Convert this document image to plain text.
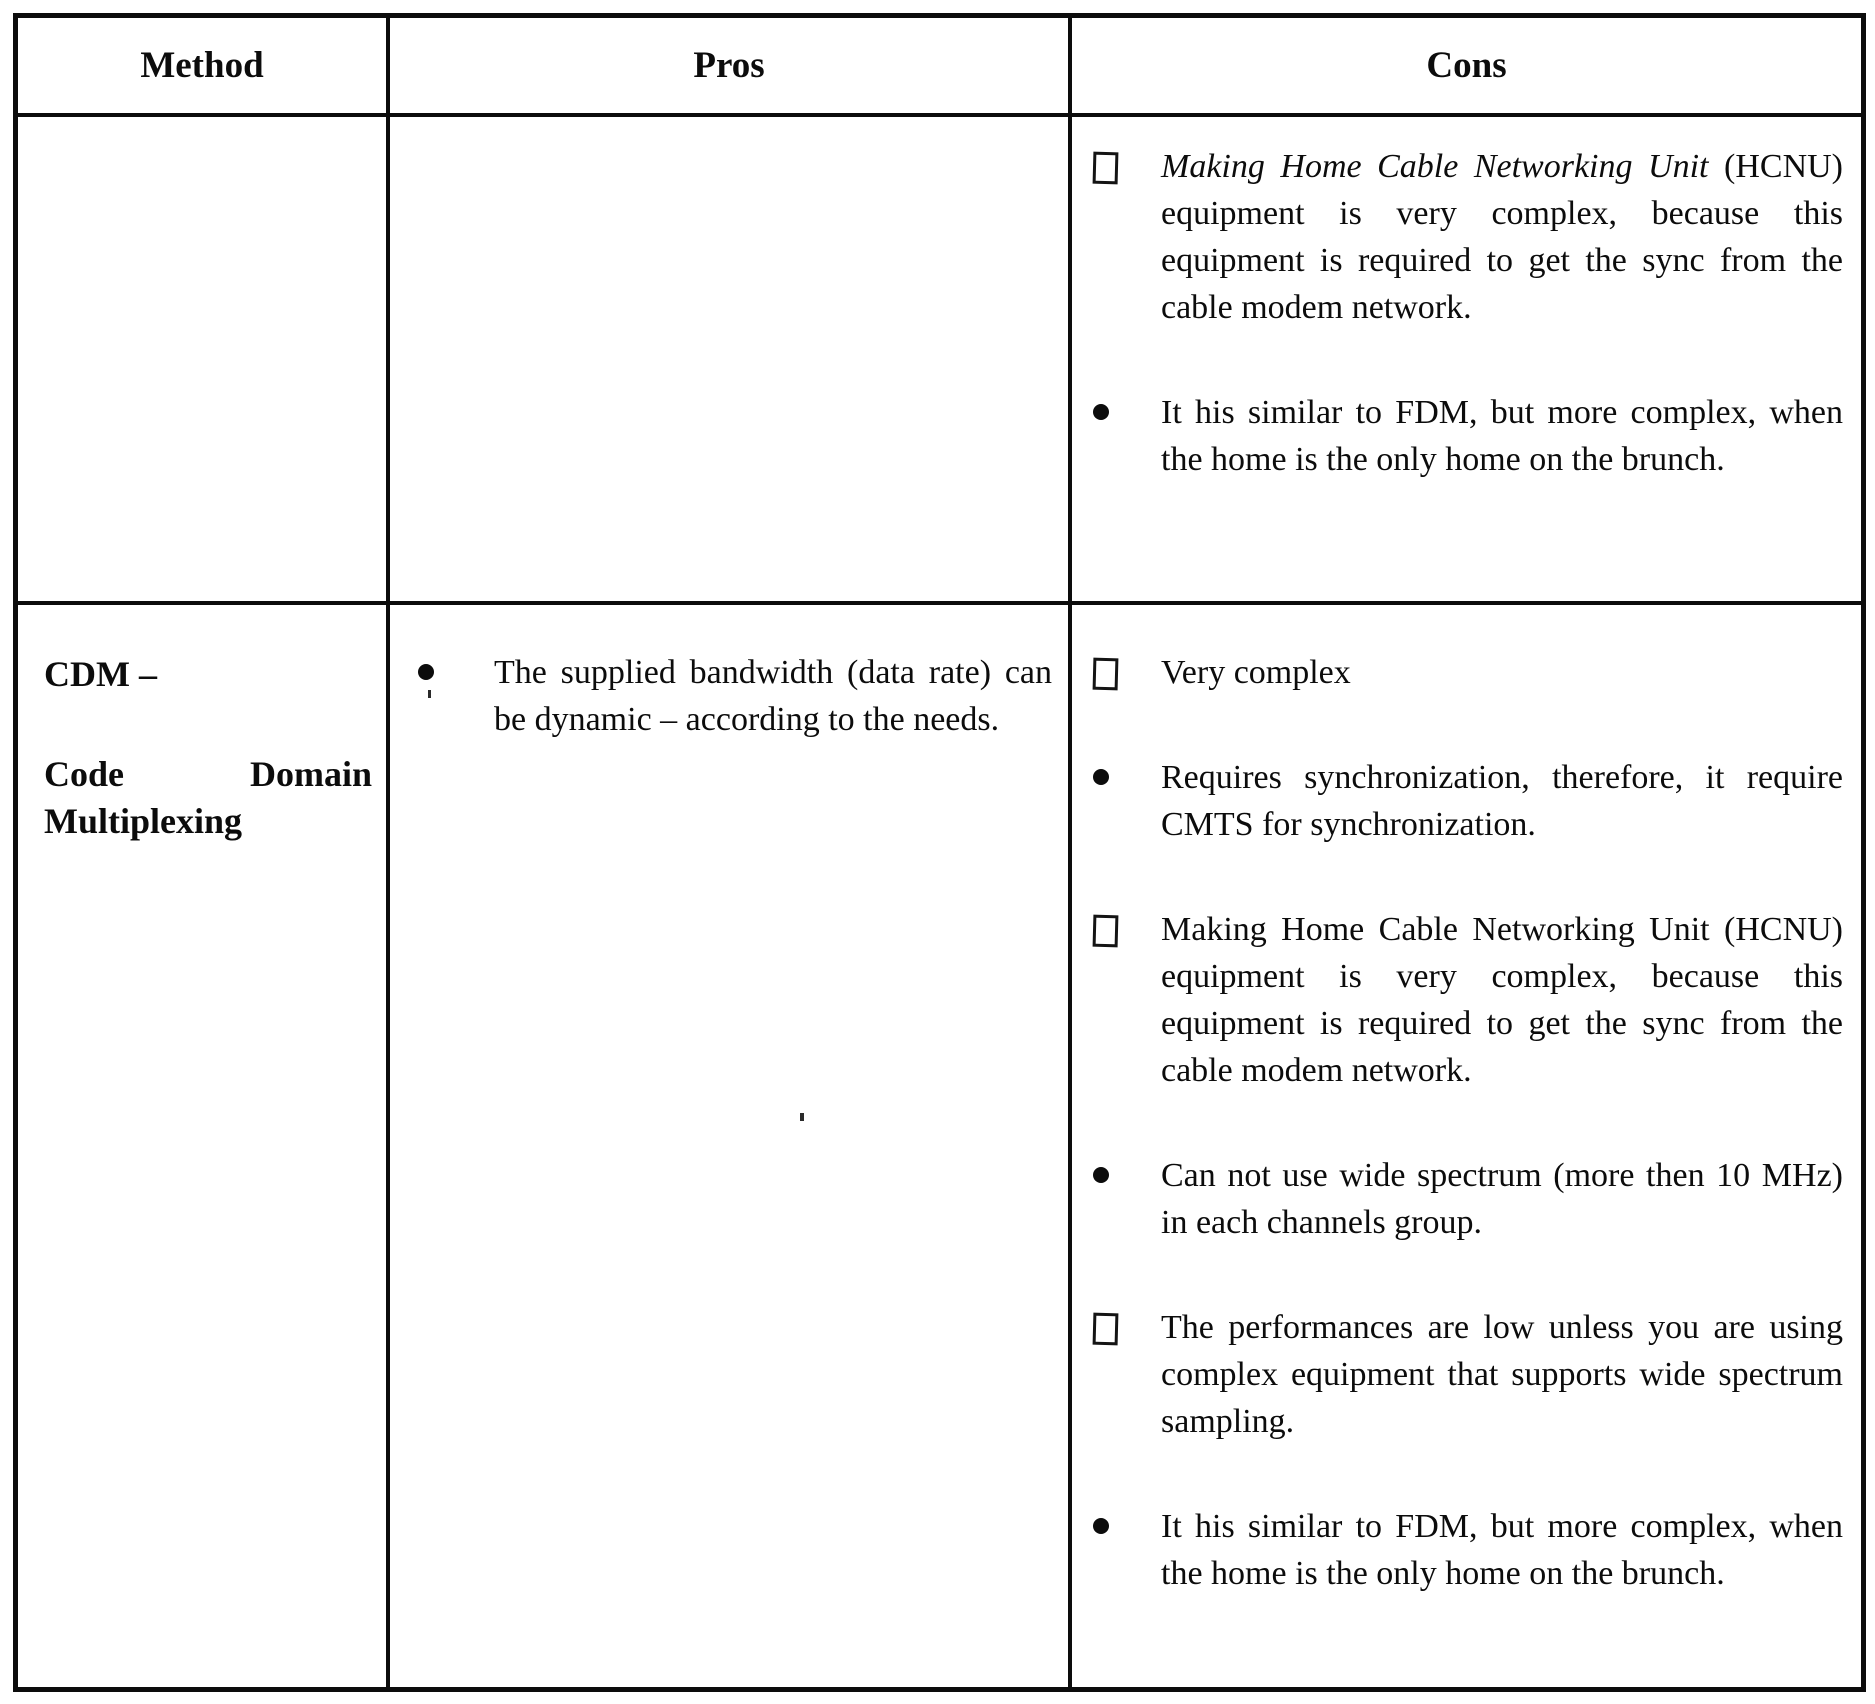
Method	Pros	Cons
Making Home Cable Networking Unit (HCNU) equipment is very complex, because this equipment is required to get the sync from the cable modem network.
It his similar to FDM, but more complex, when the home is the only home on the brunch.

CDM –

Code Domain Multiplexing

The supplied bandwidth (data rate) can be dynamic – according to the needs.
Very complex
Requires synchronization, therefore, it require CMTS for synchronization.
Making Home Cable Networking Unit (HCNU) equipment is very complex, because this equipment is required to get the sync from the cable modem network.
Can not use wide spectrum (more then 10 MHz) in each channels group.
The performances are low unless you are using complex equipment that supports wide spectrum sampling.
It his similar to FDM, but more complex, when the home is the only home on the brunch.
